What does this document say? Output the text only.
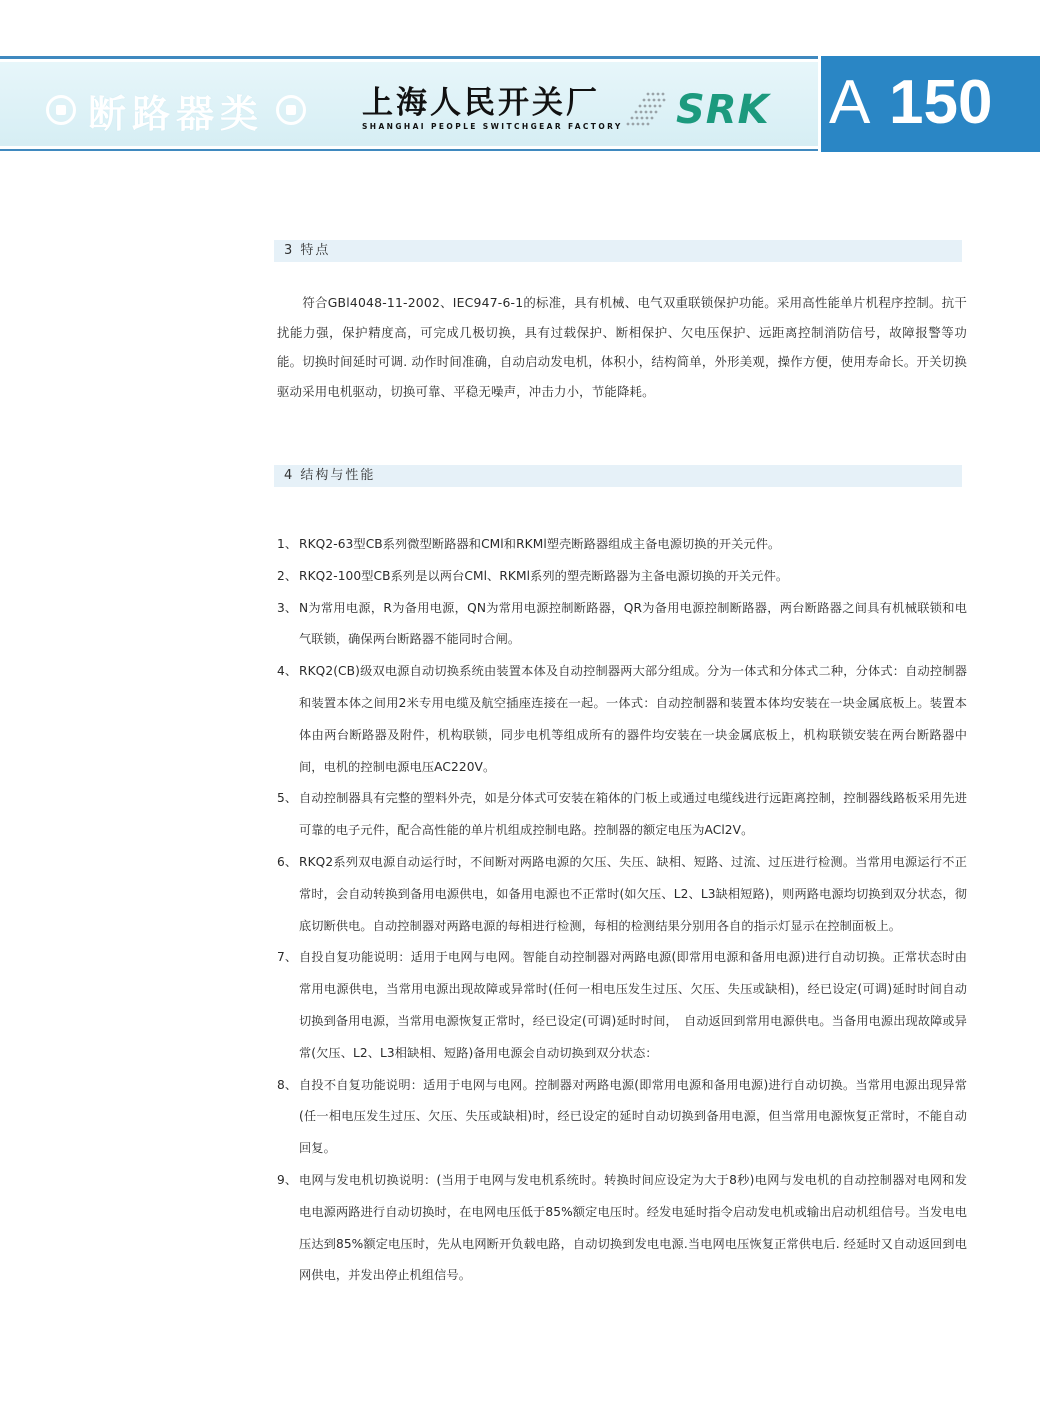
断路器类	上海人民开关厂
SHANGHAI PEOPLE SWITCHGEAR FACTORY SRK A 150
3 特点
　　符合GBl4048-11-2002、IEC947-6-1的标准，具有机械、电气双重联锁保护功能。采用高性能单片机程序控制。抗干扰能力强，保护精度高，可完成几极切换，具有过载保护、断相保护、欠电压保护、远距离控制消防信号，故障报警等功能。切换时间延时可调. 动作时间准确，自动启动发电机，体积小，结构简单，外形美观，操作方便，使用寿命长。开关切换驱动采用电机驱动，切换可靠、平稳无噪声，冲击力小，节能降耗。
4 结构与性能
1、 RKQ2-63型CB系列微型断路器和CMl和RKMl塑壳断路器组成主备电源切换的开关元件。
2、 RKQ2-100型CB系列是以两台CMl、RKMl系列的塑壳断路器为主备电源切换的开关元件。
3、 N为常用电源，R为备用电源，QN为常用电源控制断路器，QR为备用电源控制断路器，两台断路器之间具有机械联锁和电气联锁，确保两台断路器不能同时合闸。
4、 RKQ2(CB)级双电源自动切换系统由装置本体及自动控制器两大部分组成。分为一体式和分体式二种，分体式：自动控制器和装置本体之间用2米专用电缆及航空插座连接在一起。一体式：自动控制器和装置本体均安装在一块金属底板上。装置本体由两台断路器及附件，机构联锁，同步电机等组成所有的器件均安装在一块金属底板上，机构联锁安装在两台断路器中间，电机的控制电源电压AC220V。
5、 自动控制器具有完整的塑料外壳，如是分体式可安装在箱体的门板上或通过电缆线进行远距离控制，控制器线路板采用先进可靠的电子元件，配合高性能的单片机组成控制电路。控制器的额定电压为ACl2V。
6、 RKQ2系列双电源自动运行时，不间断对两路电源的欠压、失压、缺相、短路、过流、过压进行检测。当常用电源运行不正常时，会自动转换到备用电源供电，如备用电源也不正常时(如欠压、L2、L3缺相短路)，则两路电源均切换到双分状态，彻底切断供电。自动控制器对两路电源的每相进行检测，每相的检测结果分别用各自的指示灯显示在控制面板上。
7、 自投自复功能说明：适用于电网与电网。智能自动控制器对两路电源(即常用电源和备用电源)进行自动切换。正常状态时由常用电源供电，当常用电源出现故障或异常时(任何一相电压发生过压、欠压、失压或缺相)，经已设定(可调)延时时间自动切换到备用电源，当常用电源恢复正常时，经已设定(可调)延时时间，　自动返回到常用电源供电。当备用电源出现故障或异常(欠压、L2、L3相缺相、短路)备用电源会自动切换到双分状态：
8、 自投不自复功能说明：适用于电网与电网。控制器对两路电源(即常用电源和备用电源)进行自动切换。当常用电源出现异常(任一相电压发生过压、欠压、失压或缺相)时，经已设定的延时自动切换到备用电源，但当常用电源恢复正常时，不能自动回复。
9、 电网与发电机切换说明：(当用于电网与发电机系统时。转换时间应设定为大于8秒)电网与发电机的自动控制器对电网和发电电源两路进行自动切换时，在电网电压低于85%额定电压时。经发电延时指令启动发电机或输出启动机组信号。当发电电压达到85%额定电压时，先从电网断开负载电路，自动切换到发电电源.当电网电压恢复正常供电后. 经延时又自动返回到电网供电，并发出停止机组信号。
